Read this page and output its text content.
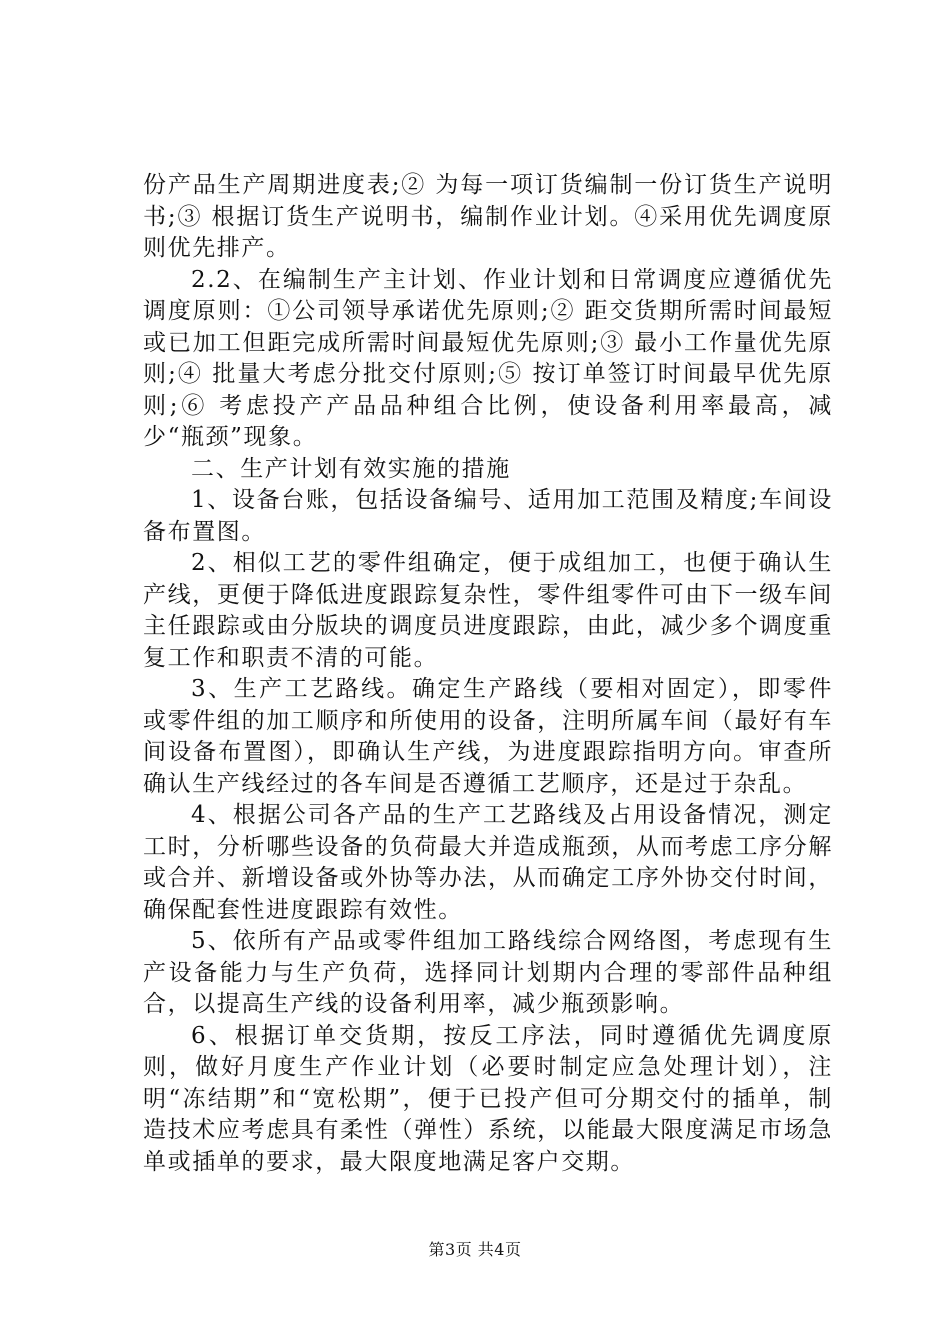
份产品生产周期进度表;② 为每一项订货编制一份订货生产说明书;③ 根据订货生产说明书，编制作业计划。④采用优先调度原则优先排产。

2.2、在编制生产主计划、作业计划和日常调度应遵循优先调度原则：①公司领导承诺优先原则;② 距交货期所需时间最短或已加工但距完成所需时间最短优先原则;③ 最小工作量优先原则;④ 批量大考虑分批交付原则;⑤ 按订单签订时间最早优先原则;⑥ 考虑投产产品品种组合比例，使设备利用率最高，减少“瓶颈”现象。

二、生产计划有效实施的措施

1、设备台账，包括设备编号、适用加工范围及精度;车间设备布置图。

2、相似工艺的零件组确定，便于成组加工，也便于确认生产线，更便于降低进度跟踪复杂性，零件组零件可由下一级车间主任跟踪或由分版块的调度员进度跟踪，由此，减少多个调度重复工作和职责不清的可能。

3、生产工艺路线。确定生产路线（要相对固定），即零件或零件组的加工顺序和所使用的设备，注明所属车间（最好有车间设备布置图），即确认生产线，为进度跟踪指明方向。审查所确认生产线经过的各车间是否遵循工艺顺序，还是过于杂乱。

4、根据公司各产品的生产工艺路线及占用设备情况，测定工时，分析哪些设备的负荷最大并造成瓶颈，从而考虑工序分解或合并、新增设备或外协等办法，从而确定工序外协交付时间，确保配套性进度跟踪有效性。

5、依所有产品或零件组加工路线综合网络图，考虑现有生产设备能力与生产负荷，选择同计划期内合理的零部件品种组合，以提高生产线的设备利用率，减少瓶颈影响。

6、根据订单交货期，按反工序法，同时遵循优先调度原则，做好月度生产作业计划（必要时制定应急处理计划），注明“冻结期”和“宽松期”，便于已投产但可分期交付的插单，制造技术应考虑具有柔性（弹性）系统，以能最大限度满足市场急单或插单的要求，最大限度地满足客户交期。

第3页 共4页
